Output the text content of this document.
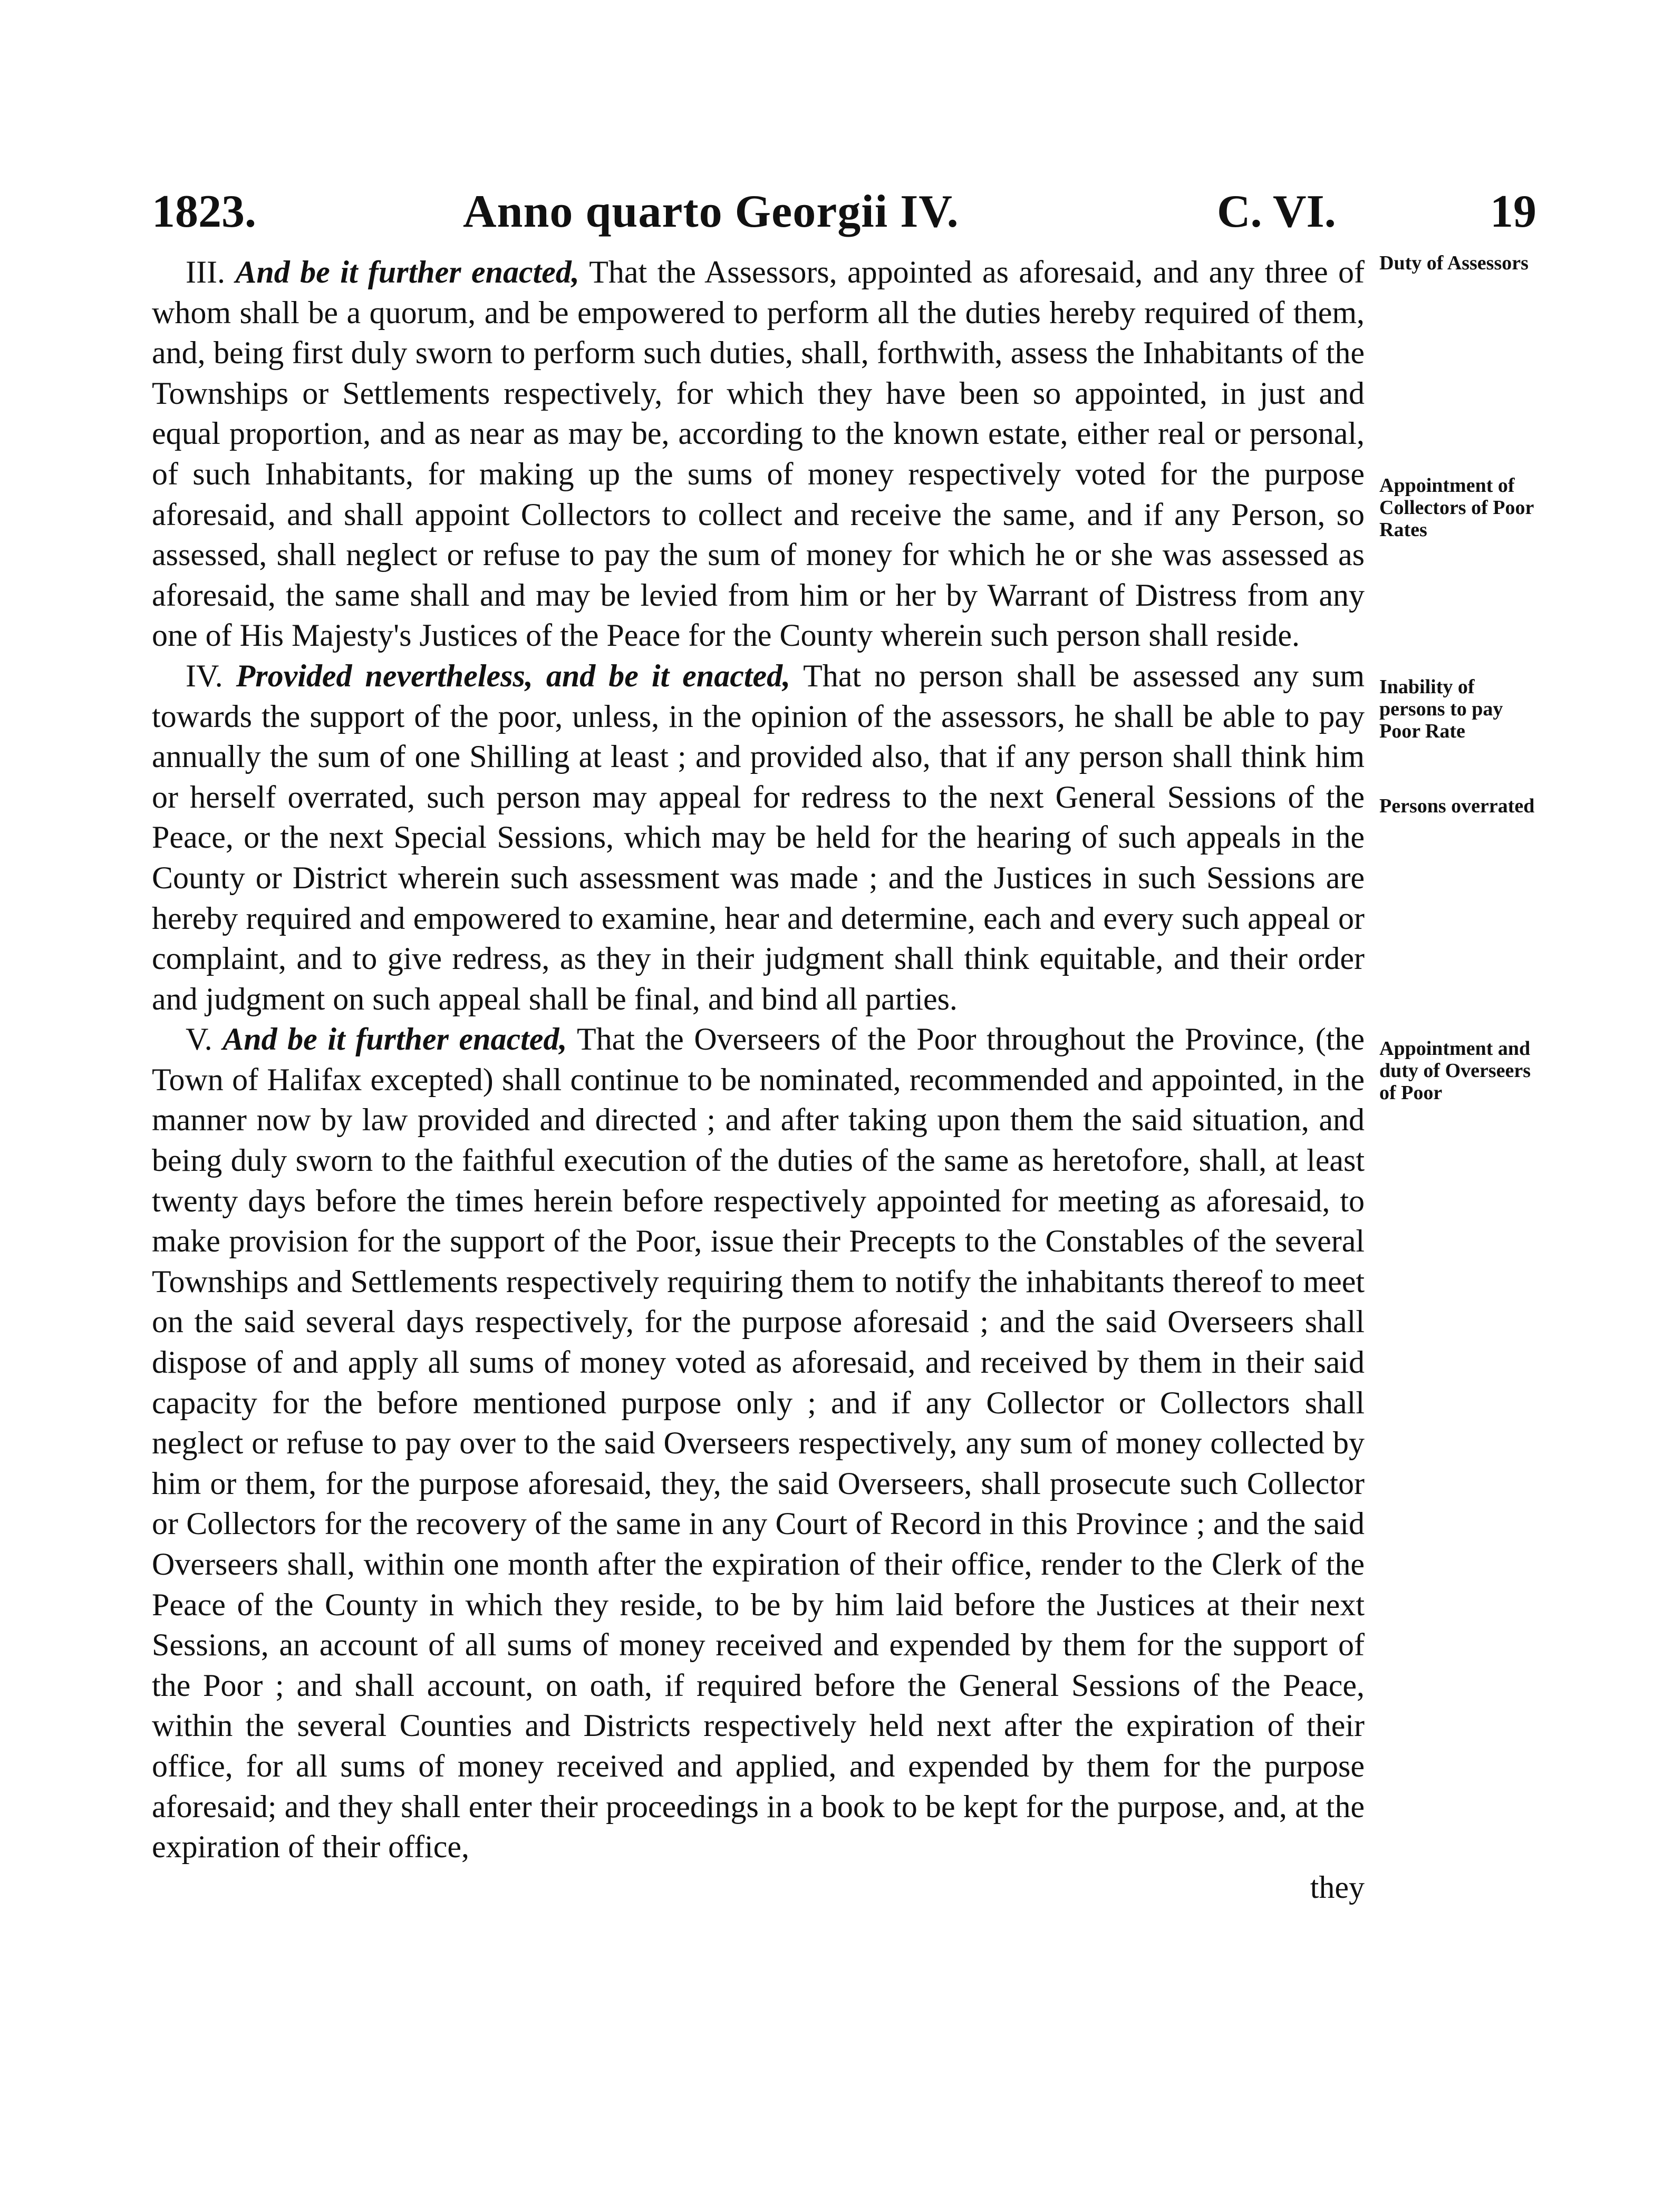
1823.	Anno quarto Georgii IV.	C. VI.	19

III. And be it further enacted, That the Assessors, appointed as aforesaid, and any three of whom shall be a quorum, and be empowered to perform all the duties hereby required of them, and, being first duly sworn to perform such duties, shall, forthwith, assess the Inhabitants of the Townships or Settlements respectively, for which they have been so appointed, in just and equal proportion, and as near as may be, according to the known estate, either real or personal, of such Inhabitants, for making up the sums of money respectively voted for the purpose aforesaid, and shall appoint Collectors to collect and receive the same, and if any Person, so assessed, shall neglect or refuse to pay the sum of money for which he or she was assessed as aforesaid, the same shall and may be levied from him or her by Warrant of Distress from any one of His Majesty's Justices of the Peace for the County wherein such person shall reside.

IV. Provided nevertheless, and be it enacted, That no person shall be assessed any sum towards the support of the poor, unless, in the opinion of the assessors, he shall be able to pay annually the sum of one Shilling at least ; and provided also, that if any person shall think him or herself overrated, such person may appeal for redress to the next General Sessions of the Peace, or the next Special Sessions, which may be held for the hearing of such appeals in the County or District wherein such assessment was made ; and the Justices in such Sessions are hereby required and empowered to examine, hear and determine, each and every such appeal or complaint, and to give redress, as they in their judgment shall think equitable, and their order and judgment on such appeal shall be final, and bind all parties.

V. And be it further enacted, That the Overseers of the Poor throughout the Province, (the Town of Halifax excepted) shall continue to be nominated, recommended and appointed, in the manner now by law provided and directed ; and after taking upon them the said situation, and being duly sworn to the faithful execution of the duties of the same as heretofore, shall, at least twenty days before the times herein before respectively appointed for meeting as aforesaid, to make provision for the support of the Poor, issue their Precepts to the Constables of the several Townships and Settlements respectively requiring them to notify the inhabitants thereof to meet on the said several days respectively, for the purpose aforesaid ; and the said Overseers shall dispose of and apply all sums of money voted as aforesaid, and received by them in their said capacity for the before mentioned purpose only ; and if any Collector or Collectors shall neglect or refuse to pay over to the said Overseers respectively, any sum of money collected by him or them, for the purpose aforesaid, they, the said Overseers, shall prosecute such Collector or Collectors for the recovery of the same in any Court of Record in this Province ; and the said Overseers shall, within one month after the expiration of their office, render to the Clerk of the Peace of the County in which they reside, to be by him laid before the Justices at their next Sessions, an account of all sums of money received and expended by them for the support of the Poor ; and shall account, on oath, if required before the General Sessions of the Peace, within the several Counties and Districts respectively held next after the expiration of their office, for all sums of money received and applied, and expended by them for the purpose aforesaid; and they shall enter their proceedings in a book to be kept for the purpose, and, at the expiration of their office,

they
Duty of Assessors
Appointment of Collectors of Poor Rates
Inability of persons to pay Poor Rate
Persons overrated
Appointment and duty of Overseers of Poor
